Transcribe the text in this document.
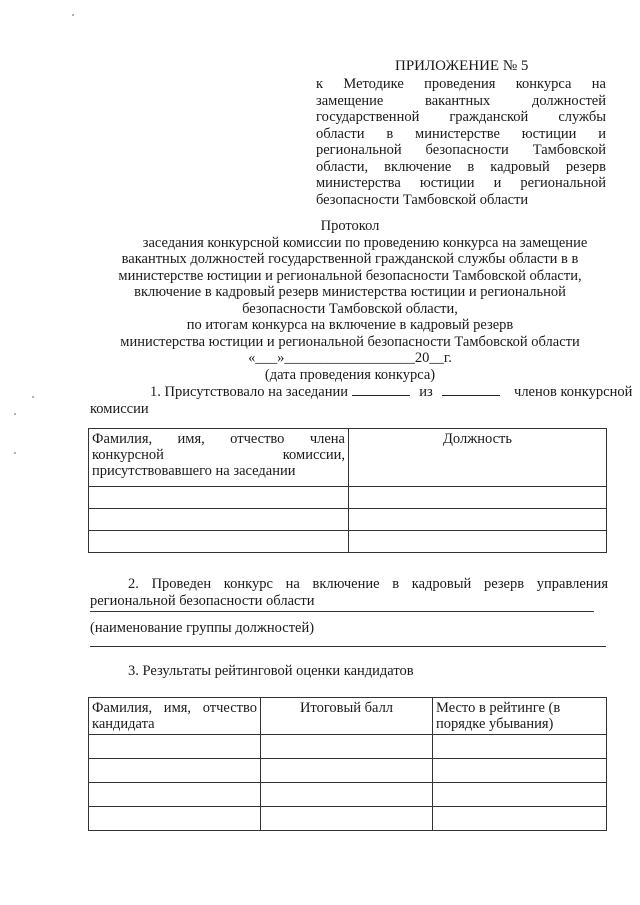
ПРИЛОЖЕНИЕ № 5
к Методике проведения конкурса на
замещение вакантных должностей
государственной гражданской службы
области в министерстве юстиции и
региональной безопасности Тамбовской
области, включение в кадровый резерв
министерства юстиции и региональной
безопасности Тамбовской области
Протокол
заседания конкурсной комиссии по проведению конкурса на замещение
вакантных должностей государственной гражданской службы области в в
министерстве юстиции и региональной безопасности Тамбовской области,
включение в кадровый резерв министерства юстиции и региональной
безопасности Тамбовской области,
по итогам конкурса на включение в кадровый резерв
министерства юстиции и региональной безопасности Тамбовской области
«___»__________________20__г.
(дата проведения конкурса)
1. Присутствовало на заседании	из	членов конкурсной
комиссии
Фамилия, имя, отчество члена конкурсной комиссии, присутствовавшего на заседании	Должность

2. Проведен конкурс на включение в кадровый резерв управления
региональной безопасности области
(наименование группы должностей)
3. Результаты рейтинговой оценки кандидатов
Фамилия, имя, отчество кандидата	Итоговый балл	Место в рейтинге (в порядке убывания)
